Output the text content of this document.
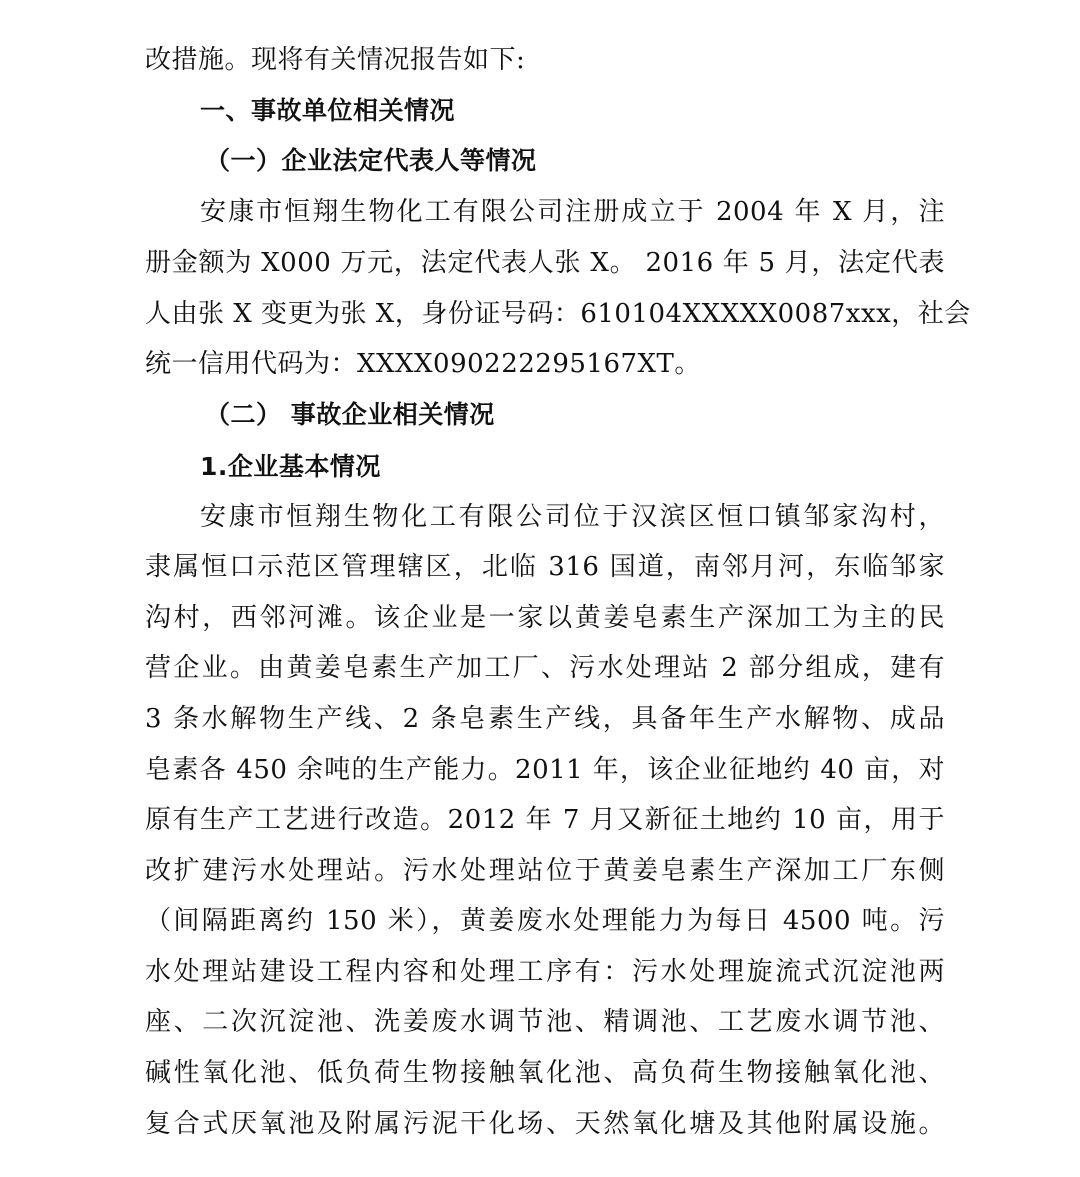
改措施。现将有关情况报告如下:
一、事故单位相关情况
（一）企业法定代表人等情况
安康市恒翔生物化工有限公司注册成立于 2004 年 X 月，注
册金额为 X000 万元，法定代表人张 X。 2016 年 5 月，法定代表
人由张 X 变更为张 X，身份证号码：610104XXXXX0087xxx，社会
统一信用代码为：XXXX090222295167XT。
（二） 事故企业相关情况
1.企业基本情况
安康市恒翔生物化工有限公司位于汉滨区恒口镇邹家沟村，
隶属恒口示范区管理辖区，北临 316 国道，南邻月河，东临邹家
沟村，西邻河滩。该企业是一家以黄姜皂素生产深加工为主的民
营企业。由黄姜皂素生产加工厂、污水处理站 2 部分组成，建有
3 条水解物生产线、2 条皂素生产线，具备年生产水解物、成品
皂素各 450 余吨的生产能力。2011 年，该企业征地约 40 亩，对
原有生产工艺进行改造。2012 年 7 月又新征土地约 10 亩，用于
改扩建污水处理站。污水处理站位于黄姜皂素生产深加工厂东侧
（间隔距离约 150 米），黄姜废水处理能力为每日 4500 吨。污
水处理站建设工程内容和处理工序有：污水处理旋流式沉淀池两
座、二次沉淀池、洗姜废水调节池、精调池、工艺废水调节池、
碱性氧化池、低负荷生物接触氧化池、高负荷生物接触氧化池、
复合式厌氧池及附属污泥干化场、天然氧化塘及其他附属设施。
